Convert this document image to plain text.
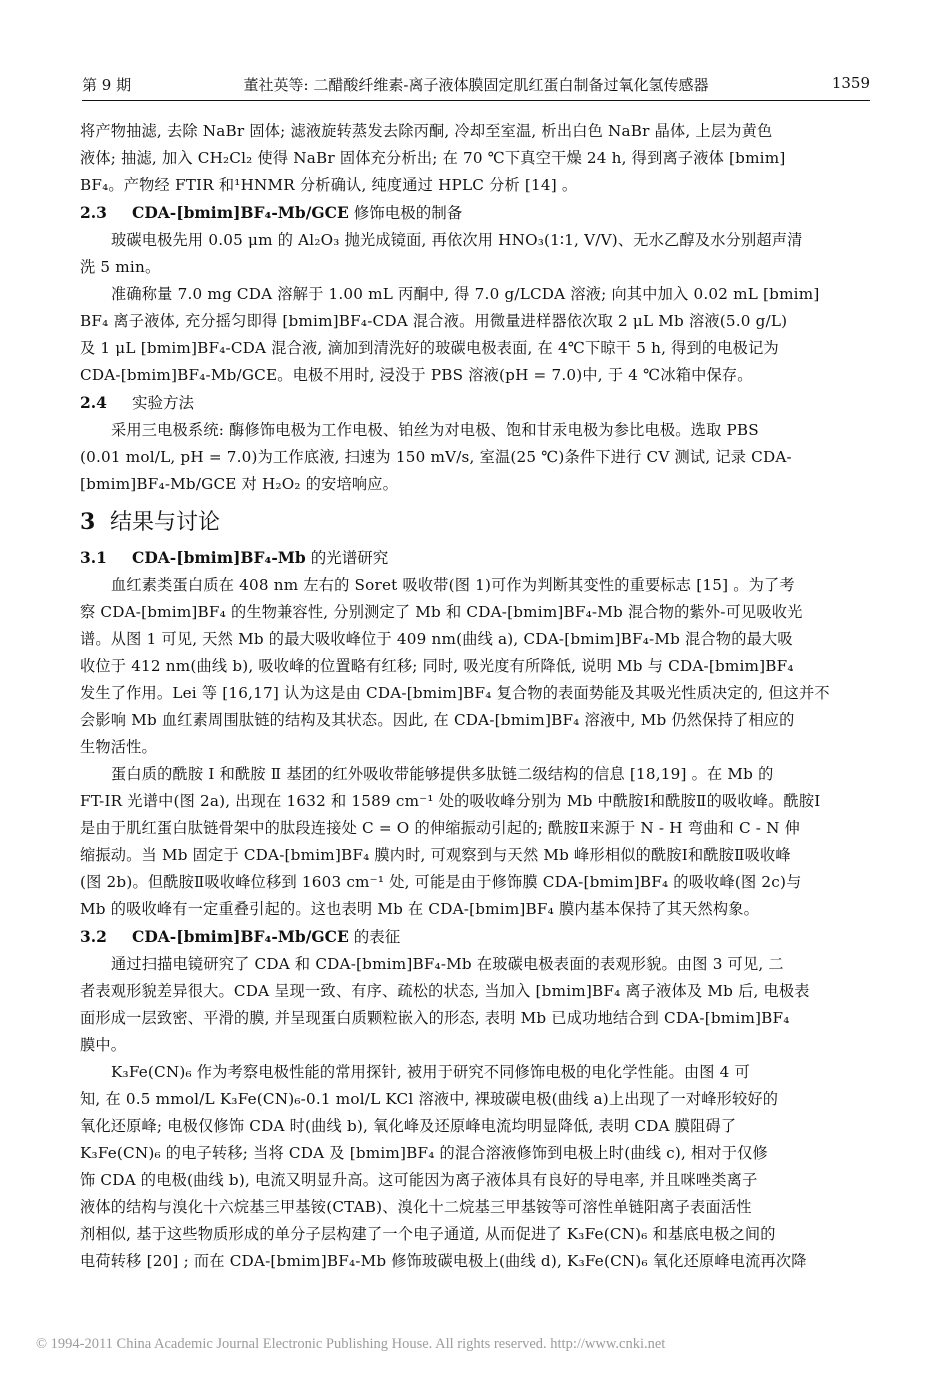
第 9 期	董社英等: 二醋酸纤维素-离子液体膜固定肌红蛋白制备过氧化氢传感器	1359
将产物抽滤, 去除 NaBr 固体; 滤液旋转蒸发去除丙酮, 冷却至室温, 析出白色 NaBr 晶体, 上层为黄色
液体; 抽滤, 加入 CH₂Cl₂ 使得 NaBr 固体充分析出; 在 70 ℃下真空干燥 24 h, 得到离子液体 [bmim]
BF₄。产物经 FTIR 和¹HNMR 分析确认, 纯度通过 HPLC 分析 [14] 。
2.3 CDA-[bmim]BF₄-Mb/GCE 修饰电极的制备
玻碳电极先用 0.05 μm 的 Al₂O₃ 抛光成镜面, 再依次用 HNO₃(1∶1, V/V)、无水乙醇及水分别超声清
洗 5 min。
准确称量 7.0 mg CDA 溶解于 1.00 mL 丙酮中, 得 7.0 g/LCDA 溶液; 向其中加入 0.02 mL [bmim]
BF₄ 离子液体, 充分摇匀即得 [bmim]BF₄-CDA 混合液。用微量进样器依次取 2 μL Mb 溶液(5.0 g/L)
及 1 μL [bmim]BF₄-CDA 混合液, 滴加到清洗好的玻碳电极表面, 在 4℃下晾干 5 h, 得到的电极记为
CDA-[bmim]BF₄-Mb/GCE。电极不用时, 浸没于 PBS 溶液(pH = 7.0)中, 于 4 ℃冰箱中保存。
2.4 实验方法
采用三电极系统: 酶修饰电极为工作电极、铂丝为对电极、饱和甘汞电极为参比电极。选取 PBS
(0.01 mol/L, pH = 7.0)为工作底液, 扫速为 150 mV/s, 室温(25 ℃)条件下进行 CV 测试, 记录 CDA-
[bmim]BF₄-Mb/GCE 对 H₂O₂ 的安培响应。
3 结果与讨论
3.1 CDA-[bmim]BF₄-Mb 的光谱研究
血红素类蛋白质在 408 nm 左右的 Soret 吸收带(图 1)可作为判断其变性的重要标志 [15] 。为了考
察 CDA-[bmim]BF₄ 的生物兼容性, 分别测定了 Mb 和 CDA-[bmim]BF₄-Mb 混合物的紫外-可见吸收光
谱。从图 1 可见, 天然 Mb 的最大吸收峰位于 409 nm(曲线 a), CDA-[bmim]BF₄-Mb 混合物的最大吸
收位于 412 nm(曲线 b), 吸收峰的位置略有红移; 同时, 吸光度有所降低, 说明 Mb 与 CDA-[bmim]BF₄
发生了作用。Lei 等 [16,17] 认为这是由 CDA-[bmim]BF₄ 复合物的表面势能及其吸光性质决定的, 但这并不
会影响 Mb 血红素周围肽链的结构及其状态。因此, 在 CDA-[bmim]BF₄ 溶液中, Mb 仍然保持了相应的
生物活性。
蛋白质的酰胺 Ⅰ 和酰胺 Ⅱ 基团的红外吸收带能够提供多肽链二级结构的信息 [18,19] 。在 Mb 的
FT-IR 光谱中(图 2a), 出现在 1632 和 1589 cm⁻¹ 处的吸收峰分别为 Mb 中酰胺Ⅰ和酰胺Ⅱ的吸收峰。酰胺Ⅰ
是由于肌红蛋白肽链骨架中的肽段连接处 C = O 的伸缩振动引起的; 酰胺Ⅱ来源于 N - H 弯曲和 C - N 伸
缩振动。当 Mb 固定于 CDA-[bmim]BF₄ 膜内时, 可观察到与天然 Mb 峰形相似的酰胺Ⅰ和酰胺Ⅱ吸收峰
(图 2b)。但酰胺Ⅱ吸收峰位移到 1603 cm⁻¹ 处, 可能是由于修饰膜 CDA-[bmim]BF₄ 的吸收峰(图 2c)与
Mb 的吸收峰有一定重叠引起的。这也表明 Mb 在 CDA-[bmim]BF₄ 膜内基本保持了其天然构象。
3.2 CDA-[bmim]BF₄-Mb/GCE 的表征
通过扫描电镜研究了 CDA 和 CDA-[bmim]BF₄-Mb 在玻碳电极表面的表观形貌。由图 3 可见, 二
者表观形貌差异很大。CDA 呈现一致、有序、疏松的状态, 当加入 [bmim]BF₄ 离子液体及 Mb 后, 电极表
面形成一层致密、平滑的膜, 并呈现蛋白质颗粒嵌入的形态, 表明 Mb 已成功地结合到 CDA-[bmim]BF₄
膜中。
K₃Fe(CN)₆ 作为考察电极性能的常用探针, 被用于研究不同修饰电极的电化学性能。由图 4 可
知, 在 0.5 mmol/L K₃Fe(CN)₆-0.1 mol/L KCl 溶液中, 裸玻碳电极(曲线 a)上出现了一对峰形较好的
氧化还原峰; 电极仅修饰 CDA 时(曲线 b), 氧化峰及还原峰电流均明显降低, 表明 CDA 膜阻碍了
K₃Fe(CN)₆ 的电子转移; 当将 CDA 及 [bmim]BF₄ 的混合溶液修饰到电极上时(曲线 c), 相对于仅修
饰 CDA 的电极(曲线 b), 电流又明显升高。这可能因为离子液体具有良好的导电率, 并且咪唑类离子
液体的结构与溴化十六烷基三甲基铵(CTAB)、溴化十二烷基三甲基铵等可溶性单链阳离子表面活性
剂相似, 基于这些物质形成的单分子层构建了一个电子通道, 从而促进了 K₃Fe(CN)₆ 和基底电极之间的
电荷转移 [20] ; 而在 CDA-[bmim]BF₄-Mb 修饰玻碳电极上(曲线 d), K₃Fe(CN)₆ 氧化还原峰电流再次降
© 1994-2011 China Academic Journal Electronic Publishing House. All rights reserved. http://www.cnki.net
